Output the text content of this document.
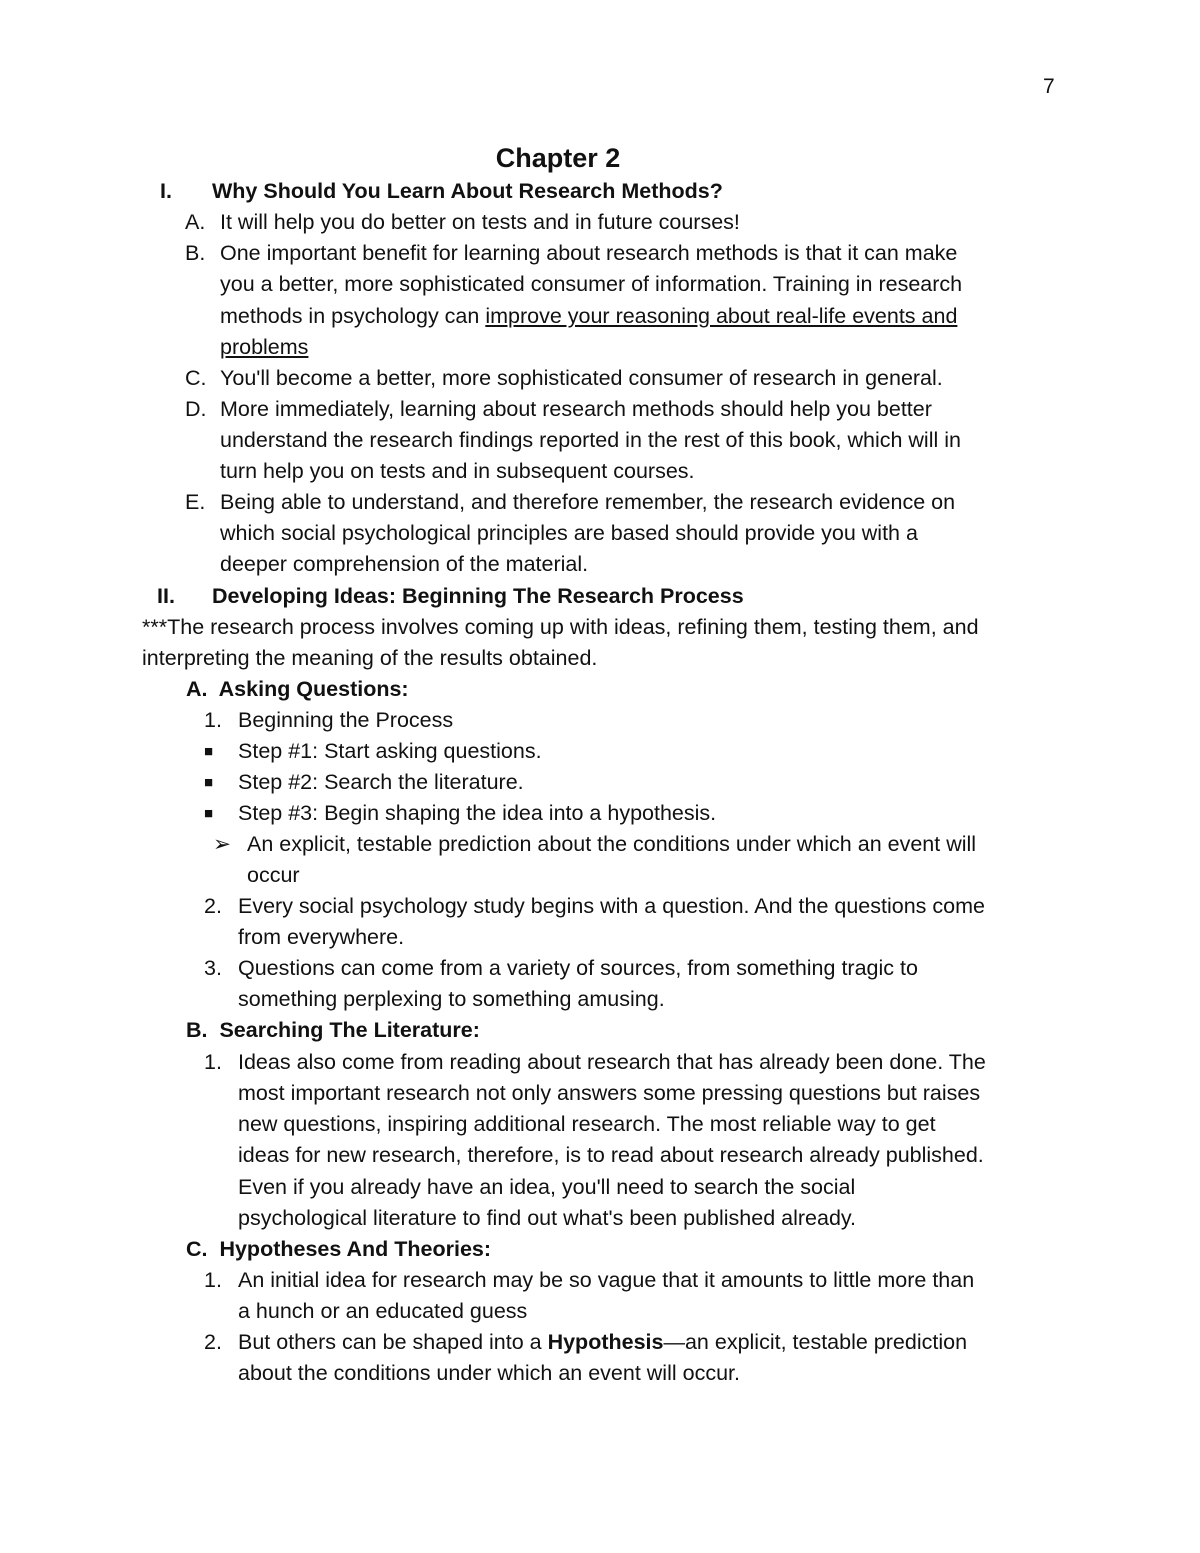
7
Chapter 2
I. Why Should You Learn About Research Methods?
A. It will help you do better on tests and in future courses!
B. One important benefit for learning about research methods is that it can make
you a better, more sophisticated consumer of information. Training in research
methods in psychology can improve your reasoning about real-life events and
problems
C. You'll become a better, more sophisticated consumer of research in general.
D. More immediately, learning about research methods should help you better
understand the research findings reported in the rest of this book, which will in
turn help you on tests and in subsequent courses.
E. Being able to understand, and therefore remember, the research evidence on
which social psychological principles are based should provide you with a
deeper comprehension of the material.
II. Developing Ideas: Beginning The Research Process
***The research process involves coming up with ideas, refining them, testing them, and
interpreting the meaning of the results obtained.
A.  Asking Questions:
1. Beginning the Process
■ Step #1: Start asking questions.
■ Step #2: Search the literature.
■ Step #3: Begin shaping the idea into a hypothesis.
➢ An explicit, testable prediction about the conditions under which an event will
occur
2. Every social psychology study begins with a question. And the questions come
from everywhere.
3. Questions can come from a variety of sources, from something tragic to
something perplexing to something amusing.
B.  Searching The Literature:
1. Ideas also come from reading about research that has already been done. The
most important research not only answers some pressing questions but raises
new questions, inspiring additional research. The most reliable way to get
ideas for new research, therefore, is to read about research already published.
Even if you already have an idea, you'll need to search the social
psychological literature to find out what's been published already.
C.  Hypotheses And Theories:
1. An initial idea for research may be so vague that it amounts to little more than
a hunch or an educated guess
2. But others can be shaped into a Hypothesis—an explicit, testable prediction
about the conditions under which an event will occur.
